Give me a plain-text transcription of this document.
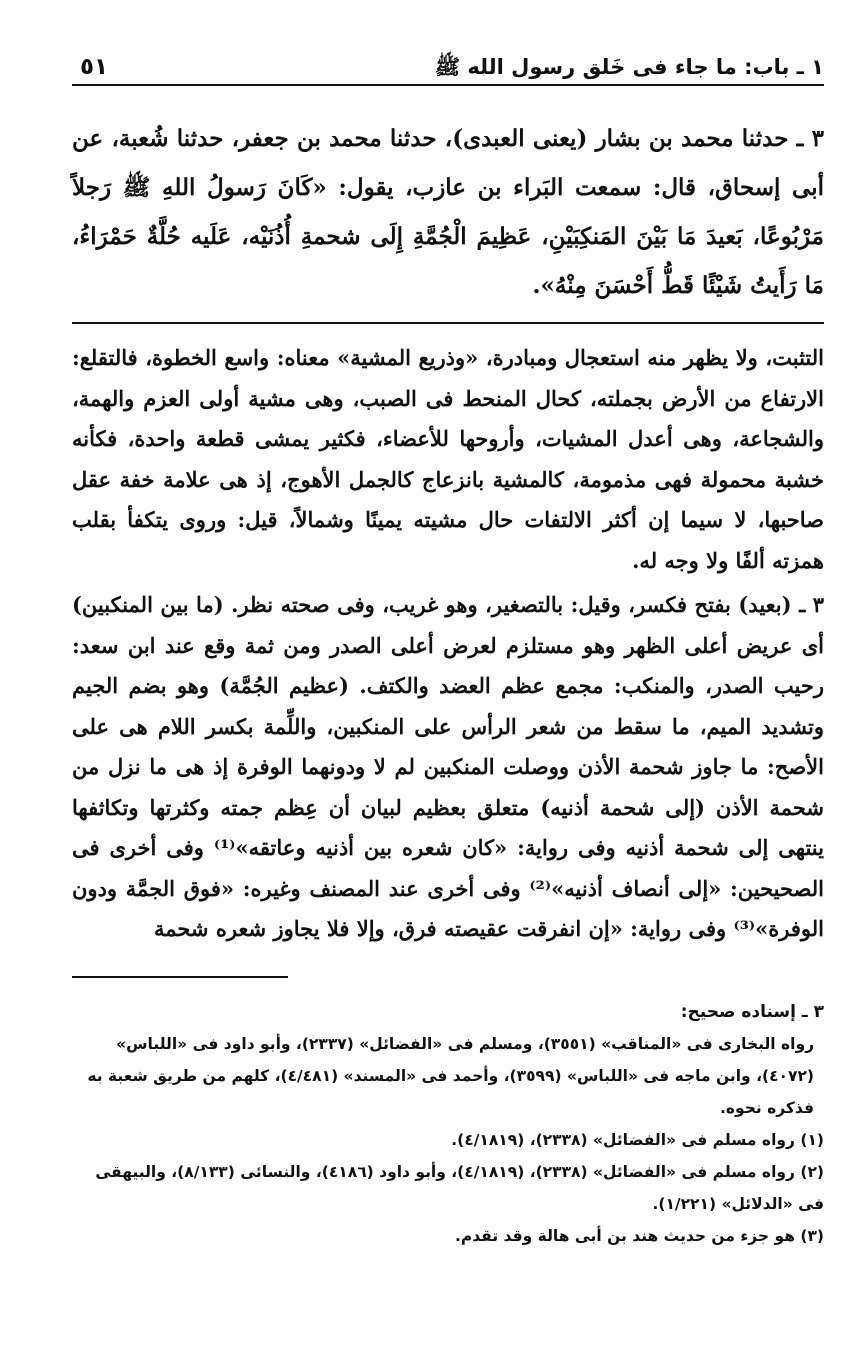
١ ـ باب: ما جاء فى خَلق رسول الله ﷺ
٥١
٣ ـ حدثنا محمد بن بشار (يعنى العبدى)، حدثنا محمد بن جعفر، حدثنا شُعبة، عن أبى إسحاق، قال: سمعت البَراء بن عازب، يقول: «كَانَ رَسولُ اللهِ ﷺ رَجلاً مَرْبُوعًا، بَعيدَ مَا بَيْنَ المَنكِبَيْنِ، عَظِيمَ الْجُمَّةِ إِلَى شحمةِ أُذُنَيْه، عَلَيه حُلَّةٌ حَمْرَاءُ، مَا رَأَيتُ شَيْئًا قَطُّ أَحْسَنَ مِنْهُ».

التثبت، ولا يظهر منه استعجال ومبادرة، «وذريع المشية» معناه: واسع الخطوة، فالتقلع: الارتفاع من الأرض بجملته، كحال المنحط فى الصبب، وهى مشية أولى العزم والهمة، والشجاعة، وهى أعدل المشيات، وأروحها للأعضاء، فكثير يمشى قطعة واحدة، فكأنه خشبة محمولة فهى مذمومة، كالمشية بانزعاج كالجمل الأهوج، إذ هى علامة خفة عقل صاحبها، لا سيما إن أكثر الالتفات حال مشيته يمينًا وشمالاً، قيل: وروى يتكفأ بقلب همزته ألفًا ولا وجه له.

٣ ـ (بعيد) بفتح فكسر، وقيل: بالتصغير، وهو غريب، وفى صحته نظر. (ما بين المنكبين) أى عريض أعلى الظهر وهو مستلزم لعرض أعلى الصدر ومن ثمة وقع عند ابن سعد: رحيب الصدر، والمنكب: مجمع عظم العضد والكتف. (عظيم الجُمَّة) وهو بضم الجيم وتشديد الميم، ما سقط من شعر الرأس على المنكبين، واللِّمة بكسر اللام هى على الأصح: ما جاوز شحمة الأذن ووصلت المنكبين لم لا ودونهما الوفرة إذ هى ما نزل من شحمة الأذن (إلى شحمة أذنيه) متعلق بعظيم لبيان أن عِظم جمته وكثرتها وتكاثفها ينتهى إلى شحمة أذنيه وفى رواية: «كان شعره بين أذنيه وعاتقه»⁽¹⁾ وفى أخرى فى الصحيحين: «إلى أنصاف أذنيه»⁽²⁾ وفى أخرى عند المصنف وغيره: «فوق الجمَّة ودون الوفرة»⁽³⁾ وفى رواية: «إن انفرقت عقيصته فرق، وإلا فلا يجاوز شعره شحمة

٣ ـ إسناده صحيح:

رواه البخارى فى «المناقب» (٣٥٥١)، ومسلم فى «الفضائل» (٢٣٣٧)، وأبو داود فى «اللباس» (٤٠٧٢)، وابن ماجه فى «اللباس» (٣٥٩٩)، وأحمد فى «المسند» (٤/٤٨١)، كلهم من طريق شعبة به فذكره نحوه.

(١) رواه مسلم فى «الفضائل» (٢٣٣٨)، (٤/١٨١٩).

(٢) رواه مسلم فى «الفضائل» (٢٣٣٨)، (٤/١٨١٩)، وأبو داود (٤١٨٦)، والنسائى (٨/١٣٣)، والبيهقى فى «الدلائل» (١/٢٢١).

(٣) هو جزء من حديث هند بن أبى هالة وقد تقدم.
